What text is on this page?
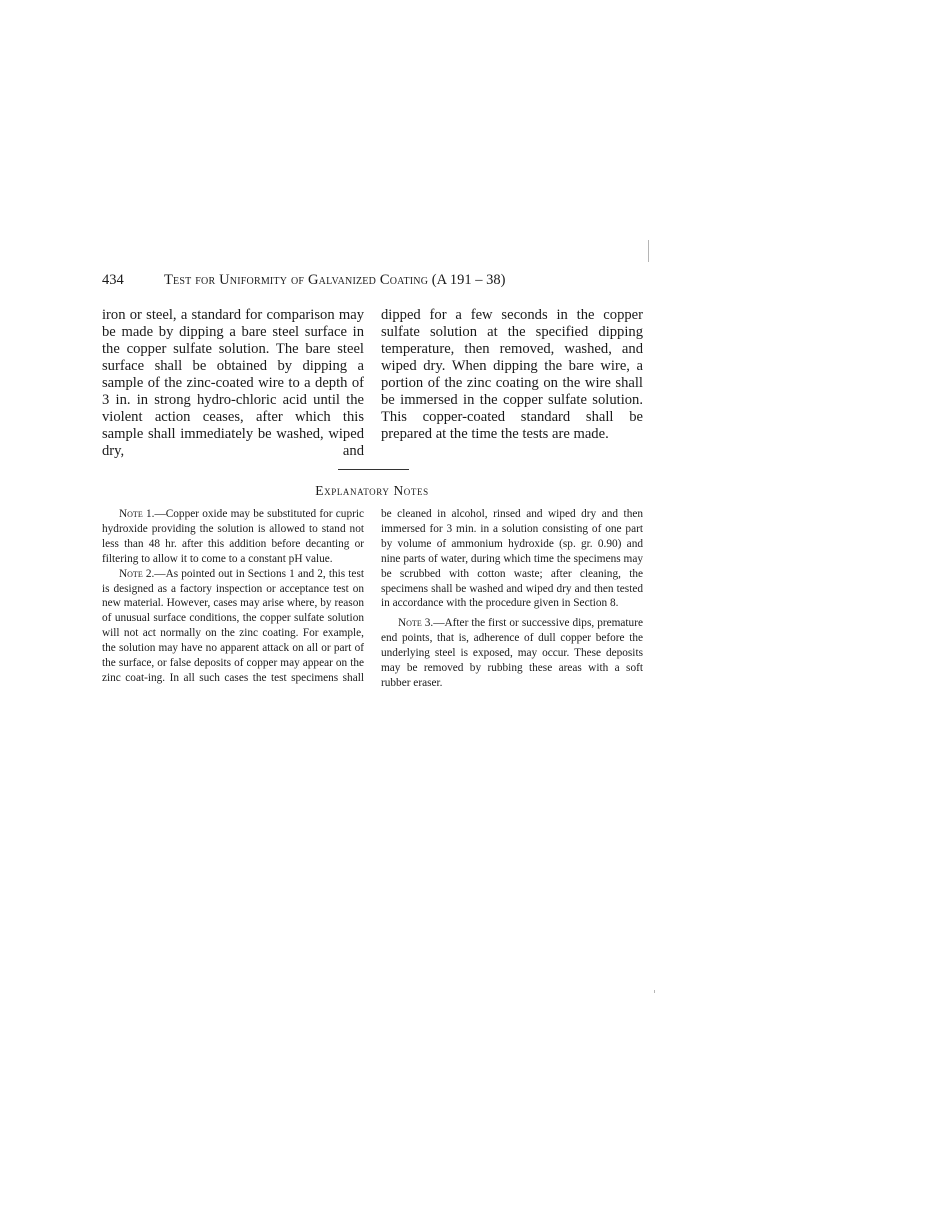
434	Test for Uniformity of Galvanized Coating (A 191 – 38)

iron or steel, a standard for comparison may be made by dipping a bare steel surface in the copper sulfate solution. The bare steel surface shall be obtained by dipping a sample of the zinc-coated wire to a depth of 3 in. in strong hydro-chloric acid until the violent action ceases, after which this sample shall immediately be washed, wiped dry, and

dipped for a few seconds in the copper sulfate solution at the specified dipping temperature, then removed, washed, and wiped dry. When dipping the bare wire, a portion of the zinc coating on the wire shall be immersed in the copper sulfate solution. This copper-coated standard shall be prepared at the time the tests are made.

Explanatory Notes

Note 1.—Copper oxide may be substituted for cupric hydroxide providing the solution is allowed to stand not less than 48 hr. after this addition before decanting or filtering to allow it to come to a constant pH value.

Note 2.—As pointed out in Sections 1 and 2, this test is designed as a factory inspection or acceptance test on new material. However, cases may arise where, by reason of unusual surface conditions, the copper sulfate solution will not act normally on the zinc coating. For example, the solution may have no apparent attack on all or part of the surface, or false deposits of copper may appear on the zinc coat-ing. In all such cases the test specimens shall

be cleaned in alcohol, rinsed and wiped dry and then immersed for 3 min. in a solution consisting of one part by volume of ammonium hydroxide (sp. gr. 0.90) and nine parts of water, during which time the specimens may be scrubbed with cotton waste; after cleaning, the specimens shall be washed and wiped dry and then tested in accordance with the procedure given in Section 8.

Note 3.—After the first or successive dips, premature end points, that is, adherence of dull copper before the underlying steel is exposed, may occur. These deposits may be removed by rubbing these areas with a soft rubber eraser.
